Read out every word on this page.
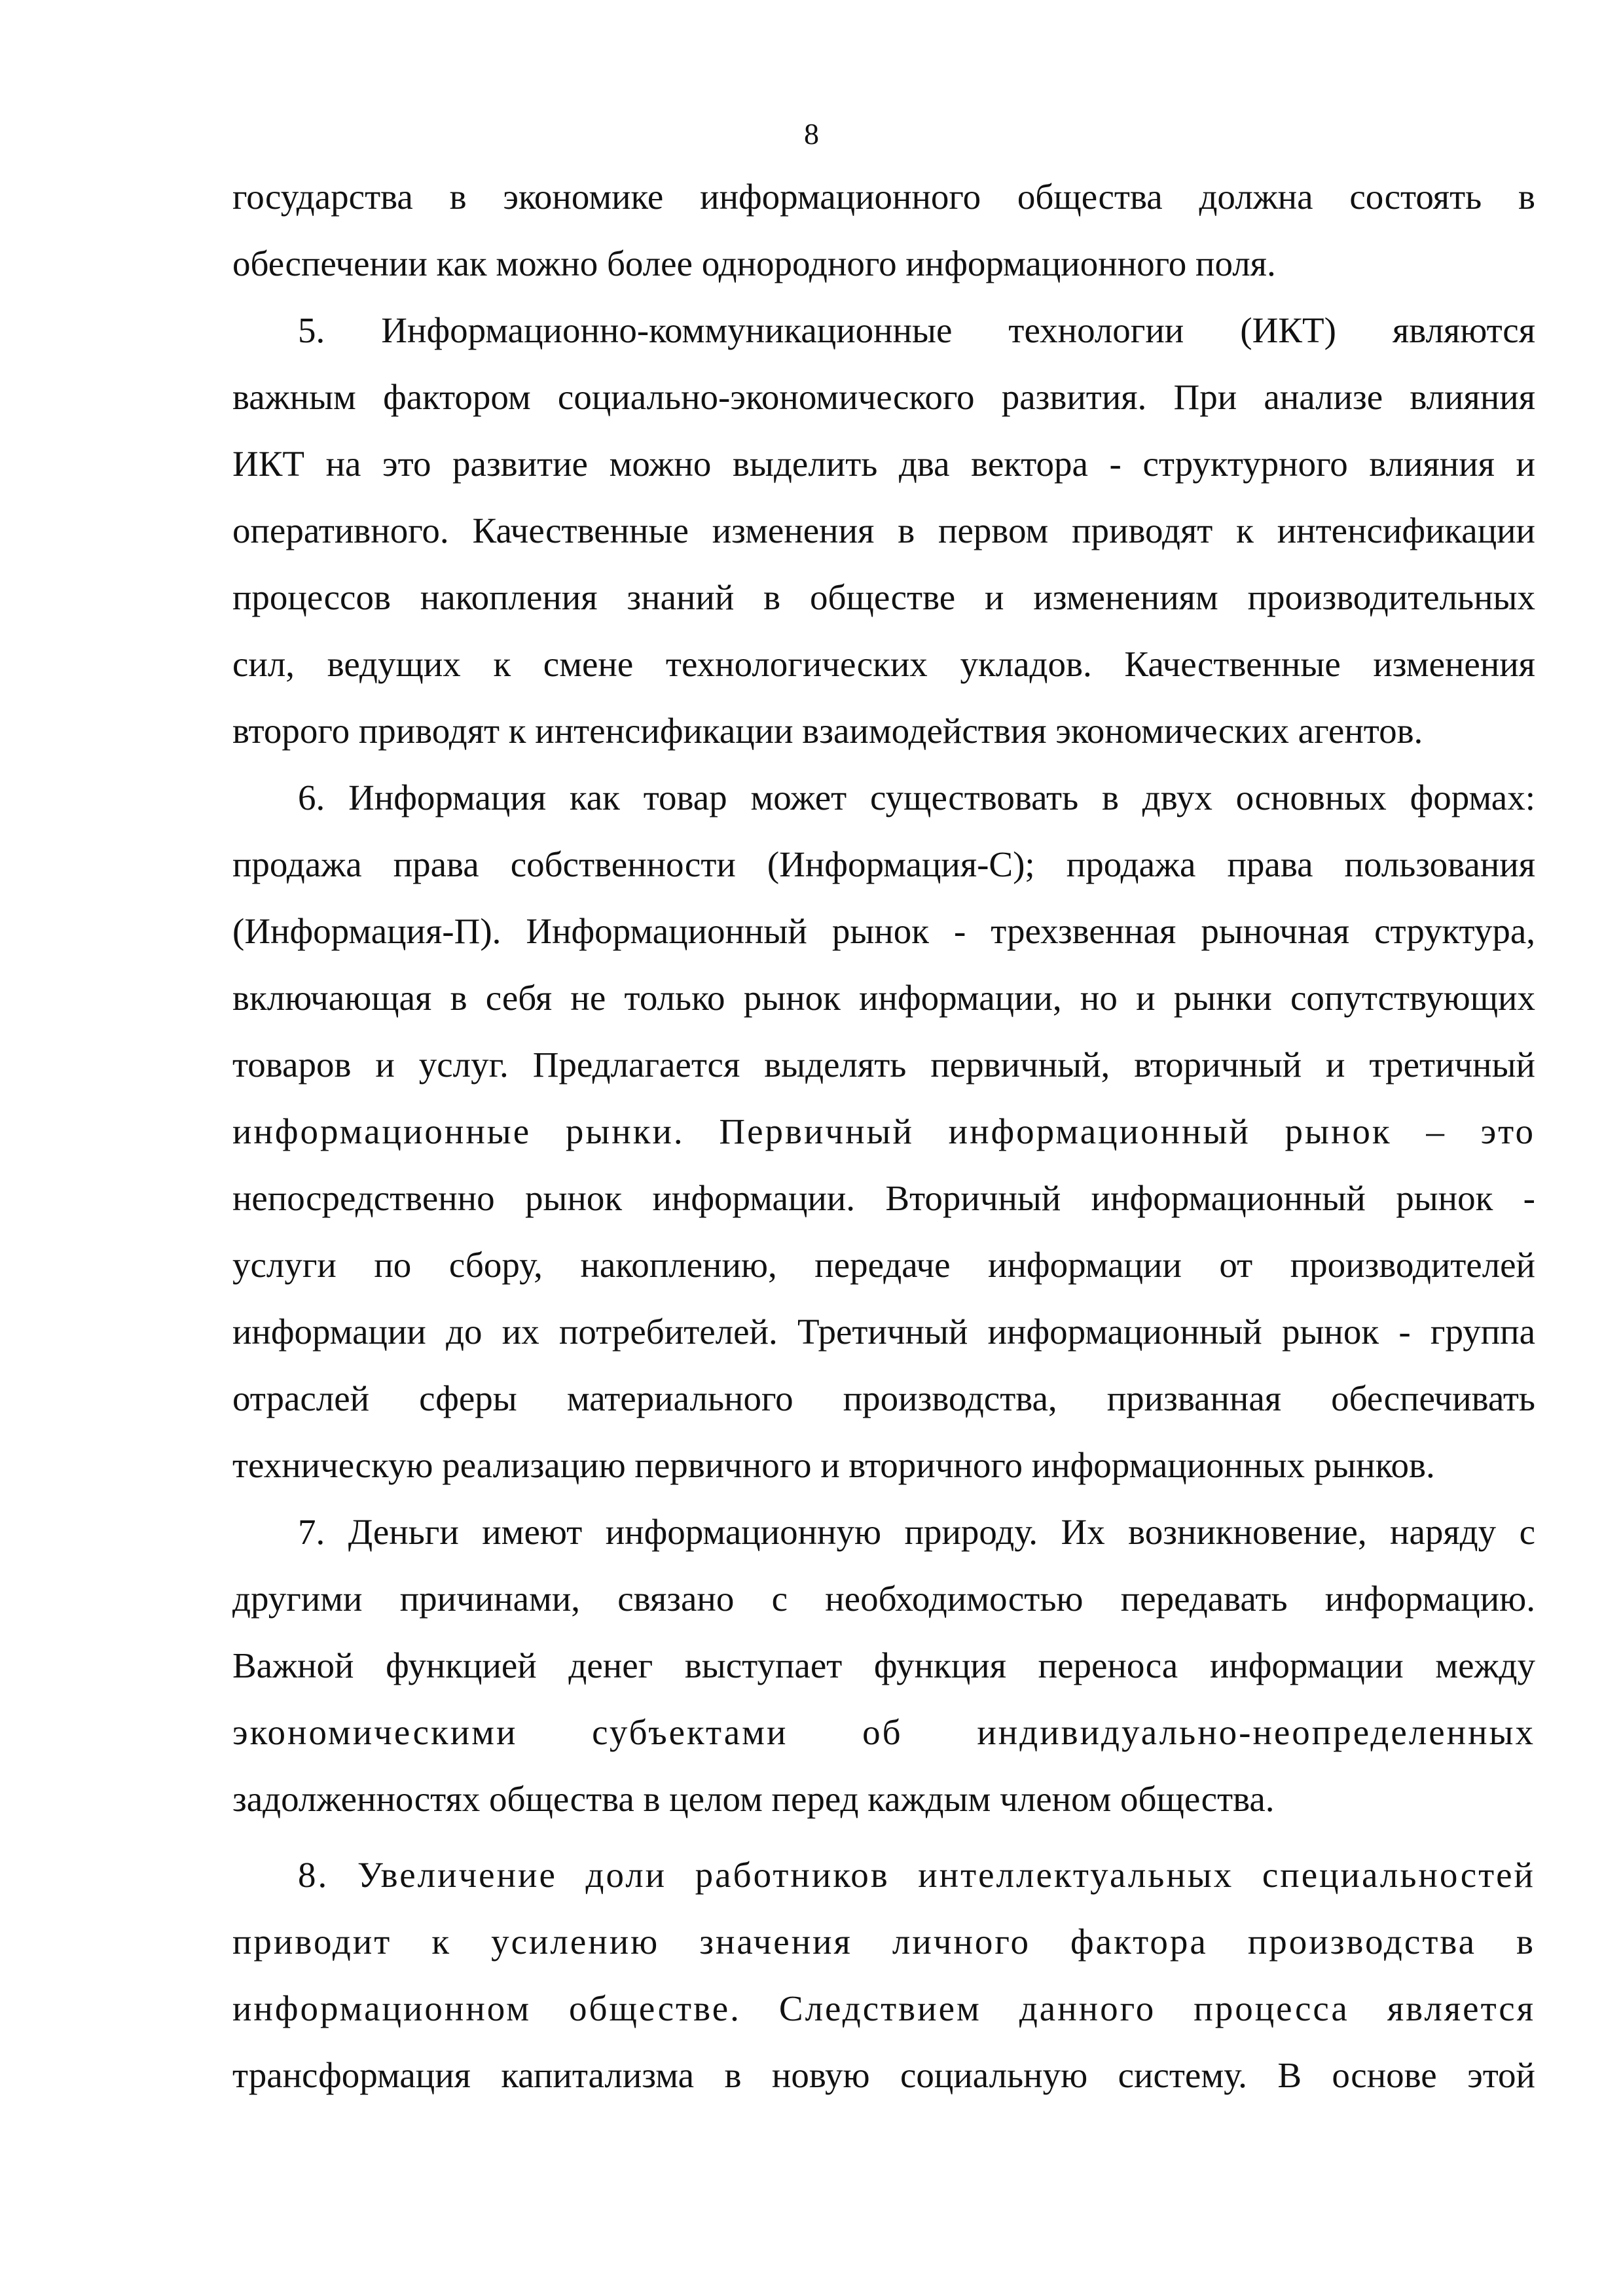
8
государства в экономике информационного общества должна состоять в
обеспечении как можно более однородного информационного поля.
5. Информационно-коммуникационные технологии (ИКТ) являются
важным фактором социально-экономического развития. При анализе влияния
ИКТ на это развитие можно выделить два вектора - структурного влияния и
оперативного. Качественные изменения в первом приводят к интенсификации
процессов накопления знаний в обществе и изменениям производительных
сил, ведущих к смене технологических укладов. Качественные изменения
второго приводят к интенсификации взаимодействия экономических агентов.
6. Информация как товар может существовать в двух основных формах:
продажа права собственности (Информация-С); продажа права пользования
(Информация-П). Информационный рынок - трехзвенная рыночная структура,
включающая в себя не только рынок информации, но и рынки сопутствующих
товаров и услуг. Предлагается выделять первичный, вторичный и третичный
информационные рынки. Первичный информационный рынок – это
непосредственно рынок информации. Вторичный информационный рынок -
услуги по сбору, накоплению, передаче информации от производителей
информации до их потребителей. Третичный информационный рынок - группа
отраслей сферы материального производства, призванная обеспечивать
техническую реализацию первичного и вторичного информационных рынков.
7. Деньги имеют информационную природу. Их возникновение, наряду с
другими причинами, связано с необходимостью передавать информацию.
Важной функцией денег выступает функция переноса информации между
экономическими субъектами об индивидуально-неопределенных
задолженностях общества в целом перед каждым членом общества.
8. Увеличение доли работников интеллектуальных специальностей
приводит к усилению значения личного фактора производства в
информационном обществе. Следствием данного процесса является
трансформация капитализма в новую социальную систему. В основе этой
